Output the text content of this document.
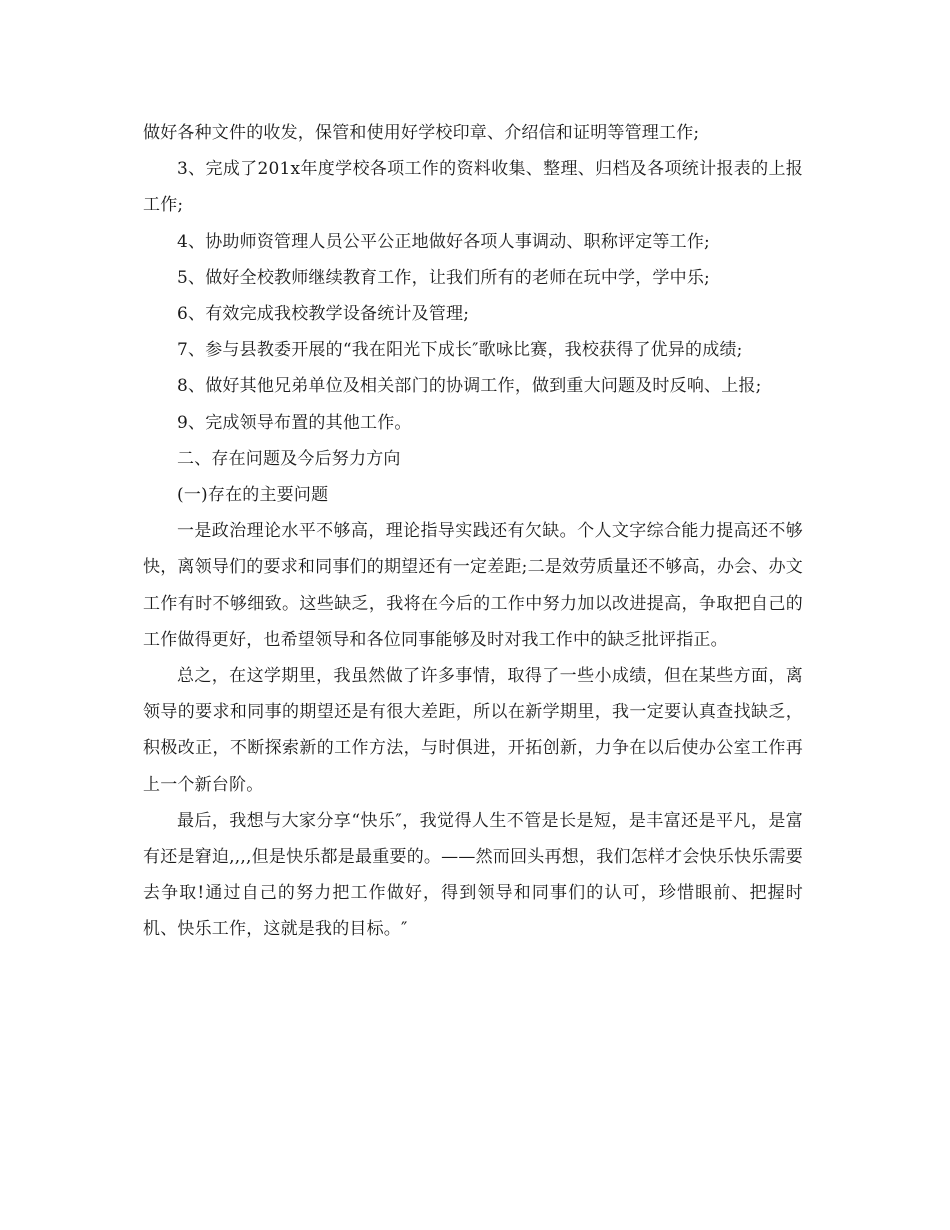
做好各种文件的收发，保管和使用好学校印章、介绍信和证明等管理工作;

3、完成了201x年度学校各项工作的资料收集、整理、归档及各项统计报表的上报工作;

4、协助师资管理人员公平公正地做好各项人事调动、职称评定等工作;

5、做好全校教师继续教育工作，让我们所有的老师在玩中学，学中乐;

6、有效完成我校教学设备统计及管理;

7、参与县教委开展的“我在阳光下成长″歌咏比赛，我校获得了优异的成绩;

8、做好其他兄弟单位及相关部门的协调工作，做到重大问题及时反响、上报;

9、完成领导布置的其他工作。

二、存在问题及今后努力方向

(一)存在的主要问题

一是政治理论水平不够高，理论指导实践还有欠缺。个人文字综合能力提高还不够快，离领导们的要求和同事们的期望还有一定差距;二是效劳质量还不够高，办会、办文工作有时不够细致。这些缺乏，我将在今后的工作中努力加以改进提高，争取把自己的工作做得更好，也希望领导和各位同事能够及时对我工作中的缺乏批评指正。

总之，在这学期里，我虽然做了许多事情，取得了一些小成绩，但在某些方面，离领导的要求和同事的期望还是有很大差距，所以在新学期里，我一定要认真查找缺乏，积极改正，不断探索新的工作方法，与时俱进，开拓创新，力争在以后使办公室工作再上一个新台阶。

最后，我想与大家分享“快乐″，我觉得人生不管是长是短，是丰富还是平凡，是富有还是窘迫,,,,但是快乐都是最重要的。——然而回头再想，我们怎样才会快乐快乐需要去争取!通过自己的努力把工作做好，得到领导和同事们的认可，珍惜眼前、把握时机、快乐工作，这就是我的目标。″
